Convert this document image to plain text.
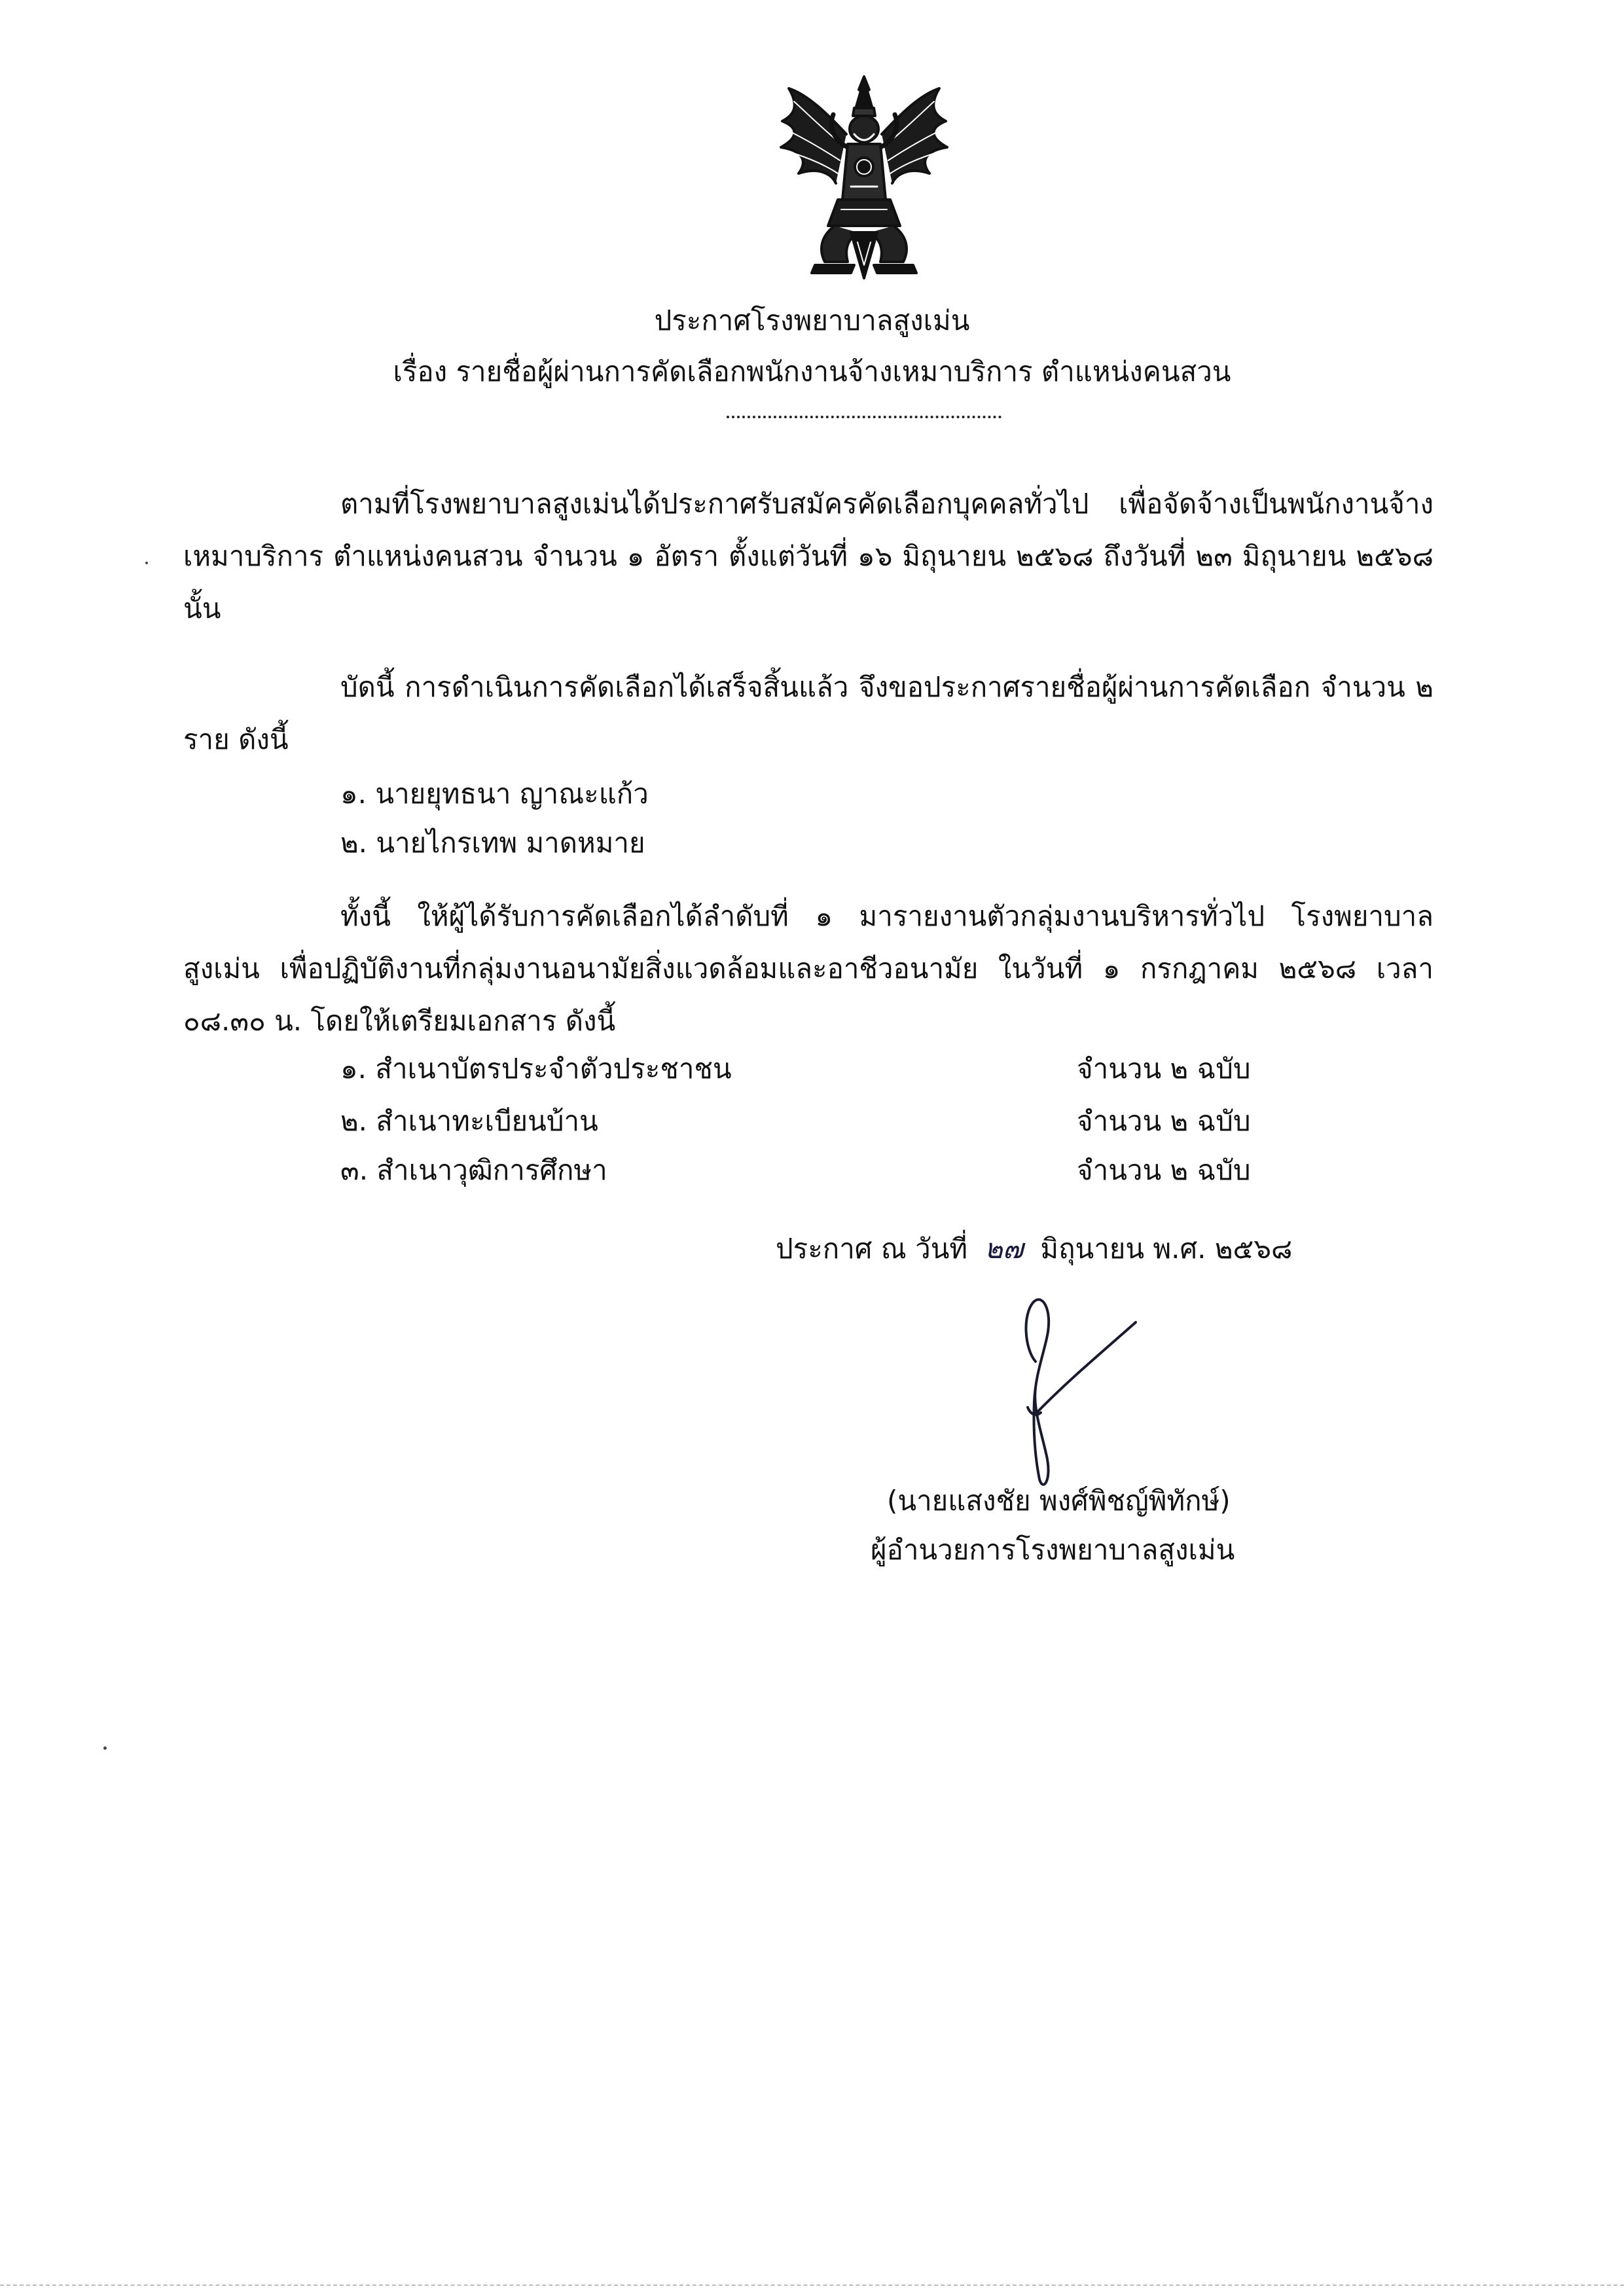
ประกาศโรงพยาบาลสูงเม่น
เรื่อง รายชื่อผู้ผ่านการคัดเลือกพนักงานจ้างเหมาบริการ ตำแหน่งคนสวน
ตามที่โรงพยาบาลสูงเม่นได้ประกาศรับสมัครคัดเลือกบุคคลทั่วไป เพื่อจัดจ้างเป็นพนักงานจ้างเหมาบริการ ตำแหน่งคนสวน จำนวน ๑ อัตรา ตั้งแต่วันที่ ๑๖ มิถุนายน ๒๕๖๘ ถึงวันที่ ๒๓ มิถุนายน ๒๕๖๘ นั้น
บัดนี้ การดำเนินการคัดเลือกได้เสร็จสิ้นแล้ว จึงขอประกาศรายชื่อผู้ผ่านการคัดเลือก จำนวน ๒ ราย ดังนี้
๑. นายยุทธนา ญาณะแก้ว
๒. นายไกรเทพ มาดหมาย
ทั้งนี้ ให้ผู้ได้รับการคัดเลือกได้ลำดับที่ ๑ มารายงานตัวกลุ่มงานบริหารทั่วไป โรงพยาบาลสูงเม่น เพื่อปฏิบัติงานที่กลุ่มงานอนามัยสิ่งแวดล้อมและอาชีวอนามัย ในวันที่ ๑ กรกฎาคม ๒๕๖๘ เวลา ๐๘.๓๐ น. โดยให้เตรียมเอกสาร ดังนี้
๑. สำเนาบัตรประจำตัวประชาชน	จำนวน ๒ ฉบับ
๒. สำเนาทะเบียนบ้าน	จำนวน ๒ ฉบับ
๓. สำเนาวุฒิการศึกษา	จำนวน ๒ ฉบับ
ประกาศ ณ วันที่ ๒๗ มิถุนายน พ.ศ. ๒๕๖๘
(นายแสงชัย พงศ์พิชญ์พิทักษ์)
ผู้อำนวยการโรงพยาบาลสูงเม่น
